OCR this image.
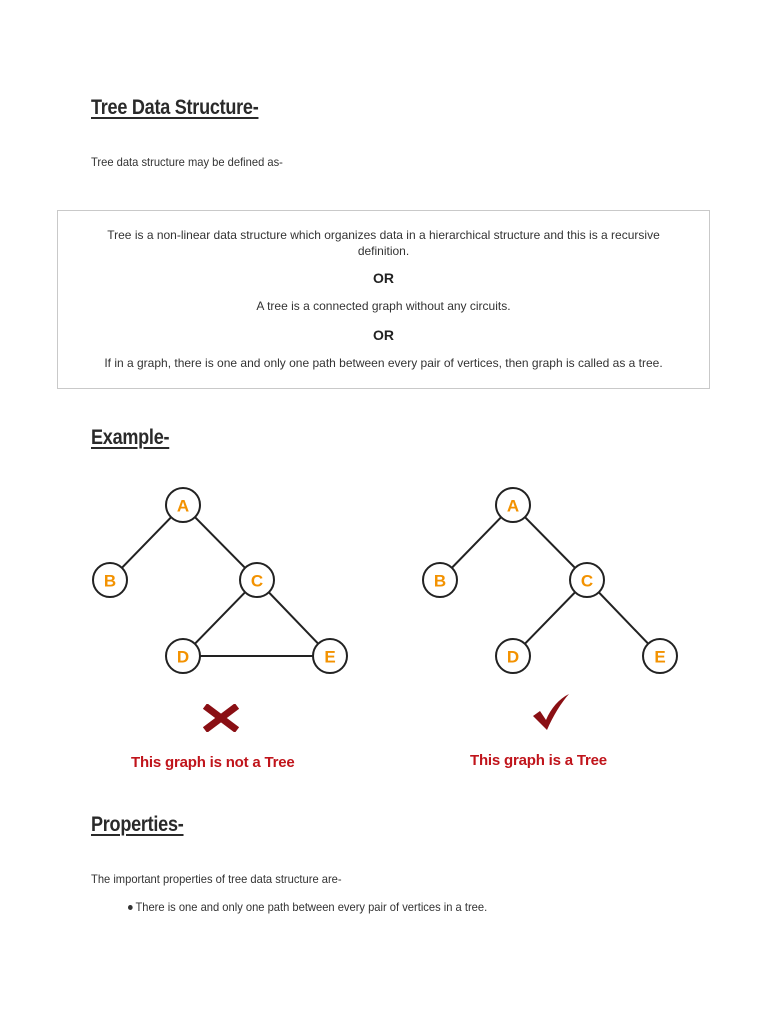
Tree Data Structure-
Tree data structure may be defined as-
Tree is a non-linear data structure which organizes data in a hierarchical structure and this is a recursive
definition.
OR
A tree is a connected graph without any circuits.
OR
If in a graph, there is one and only one path between every pair of vertices, then graph is called as a tree.
Example-
A
B	C
D	E
This graph is not a Tree
A
B	C
D	E
This graph is a Tree
Properties-
The important properties of tree data structure are-
There is one and only one path between every pair of vertices in a tree.
